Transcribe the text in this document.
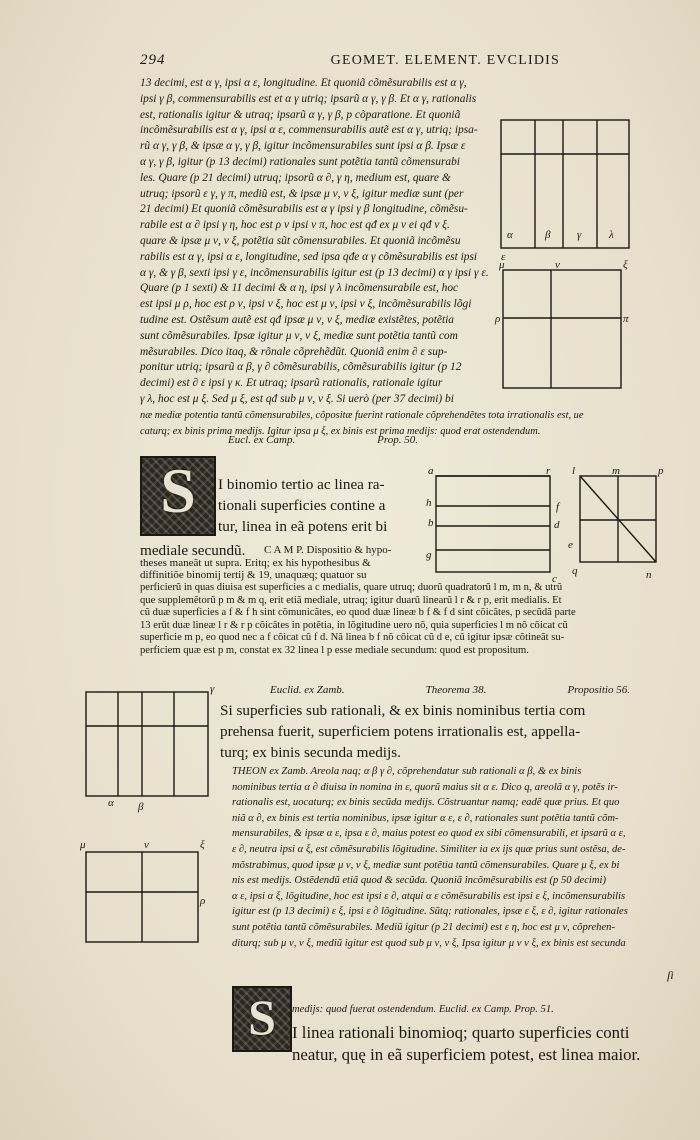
294	GEOMET. ELEMENT. EVCLIDIS

13 decimi, est α γ, ipsi α ε, longitudine. Et quoniã cõmẽsurabilis est α γ,

ipsi γ β, commensurabilis est et α γ utriq; ipsarũ α γ, γ β. Et α γ, rationalis

est, rationalis igitur & utraq; ipsarũ α γ, γ β, p cõparatione. Et quoniã

incõmẽsurabilis est α γ, ipsi α ε, commensurabilis autẽ est α γ, utriq; ipsa-

rũ α γ, γ β, & ipsæ α γ, γ β, igitur incõmensurabiles sunt ipsi α β. Ipsæ ε

α γ, γ β, igitur (p 13 decimi) rationales sunt potẽtia tantũ cõmensurabi

les. Quare (p 21 decimi) utruq; ipsorũ α ∂, γ η, medium est, quare &

utruq; ipsorũ ε γ, γ π, mediũ est, & ipsæ μ ν, ν ξ, igitur mediæ sunt (per

21 decimi) Et quoniã cõmẽsurabilis est α γ ipsi γ β longitudine, cõmẽsu-

rabile est α ∂ ipsi γ η, hoc est ρ ν ipsi ν π, hoc est qđ ex μ ν ei qđ ν ξ.

quare & ipsæ μ ν, ν ξ, potẽtia sũt cõmensurabiles. Et quoniã incõmẽsu

rabilis est α γ, ipsi α ε, longitudine, sed ipsa qđe α γ cõmẽsurabilis est ipsi

α γ, & γ β, sexti ipsi γ ε, incõmensurabilis igitur est (p 13 decimi) α γ ipsi γ ε.

Quare (p 1 sexti) & 11 decimi & α η, ipsi γ λ incõmensurabile est, hoc

est ipsi μ ρ, hoc est ρ ν, ipsi ν ξ, hoc est μ ν, ipsi ν ξ, incõmẽsurabilis lõgi

tudine est. Ostẽsum autẽ est qđ ipsæ μ ν, ν ξ, mediæ existẽtes, potẽtia

sunt cõmẽsurabiles. Ipsæ igitur μ ν, ν ξ, mediæ sunt potẽtia tantũ com

mẽsurabiles. Dico itaq, & rõnale cõprehẽdũt. Quoniã enim ∂ ε sup-

ponitur utriq; ipsarũ α β, γ ∂ cõmẽsurabilis, cõmẽsurabilis igitur (p 12

decimi) est ∂ ε ipsi γ κ. Et utraq; ipsarũ rationalis, rationale igitur

γ λ, hoc est μ ξ. Sed μ ξ, est qđ sub μ ν, ν ξ. Si uerò (per 37 decimi) bi

næ mediæ potentia tantũ cõmensurabiles, cõpositæ fuerint rationale cõprehendẽtes tota irrationalis est, ue

caturq; ex binis prima medijs. Igitur ipsa μ ξ, ex binis est prima medijs: quod erat ostendendum.

α	β γ	λ
ε
μ	ν	ξ
ρ	π
Eucl. ex Camp.	Prop. 50.
S	I binomio tertio ac linea ra-

tionali superficies contine a

tur, linea in eã potens erit bi

mediale secundũ.	C A M P. Dispositio & hypo-

theses maneãt ut supra. Eritq; ex his hypothesibus &

diffinitiõe binomij tertij & 19, unaquæq; quatuor su

perficierũ in quas diuisa est superficies a c medialis, quare utruq; duorũ quadratorũ l m, m n, & utrũ

que supplemẽtorũ p m & m q, erit etiã mediale, utraq; igitur duarũ linearũ l r & r p, erit medialis. Et

cũ duæ superficies a f & f h sint cõmunicãtes, eo quod duæ lineæ b f & f d sint cõicãtes, p secũdã parte

13 erũt duæ lineæ l r & r p cõicãtes in potẽtia, in lõgitudine uero nõ, quia superficies l m nõ cõicat cũ

superficie m p, eo quod nec a f cõicat cũ f d. Nã linea b f nõ cõicat cũ d e, cũ igitur ipsæ cõtineãt su-

perficiem quæ est p m, constat ex 32 linea l p esse mediale secundum: quod est propositum.

a
b
c
d
e
f
g
h
l	m
n
p
q
r
Euclid. ex Zamb.	Theorema 38.	Propositio 56.
α β
γ
μ	ν	ξ
ρ

Si superficies sub rationali, & ex binis nominibus tertia com

prehensa fuerit, superficiem potens irrationalis est, appella-

turq; ex binis secunda medijs.

THEON ex Zamb. Areola naq; α β γ ∂, cõprehendatur sub rationali α β, & ex binis

nominibus tertia α ∂ diuisa in nomina in ε, quorũ maius sit α ε. Dico q, areolã α γ, potẽs ir-

rationalis est, uocaturq; ex binis secũda medijs. Cõstruantur namq; eadẽ quæ prius. Et quo

niã α ∂, ex binis est tertia nominibus, ipsæ igitur α ε, ε ∂, rationales sunt potẽtia tantũ cõm-

mensurabiles, & ipsæ α ε, ipsa ε ∂, maius potest eo quod ex sibi cõmensurabili, et ipsarũ α ε,

ε ∂, neutra ipsi α ξ, est cõmẽsurabilis lõgitudine. Similiter ia ex ijs quæ prius sunt ostẽsa, de-

mõstrabimus, quod ipsæ μ ν, ν ξ, mediæ sunt potẽtia tantũ cõmensurabiles. Quare μ ξ, ex bi

nis est medijs. Ostẽdendũ etiã quod & secũda. Quoniã incõmẽsurabilis est (p 50 decimi)

α ε, ipsi α ξ, lõgitudine, hoc est ipsi ε ∂, atqui α ε cõmẽsurabilis est ipsi ε ξ, incõmensurabilis

igitur est (p 13 decimi) ε ξ, ipsi ε ∂ lõgitudine. Sũtq; rationales, ipsæ ε ξ, ε ∂, igitur rationales

sunt potẽtia tantũ cõmẽsurabiles. Mediũ igitur (p 21 decimi) est ε η, hoc est μ ν, cõprehen-

diturq; sub μ ν, ν ξ, mediũ igitur est quod sub μ ν, ν ξ, Ipsa igitur μ ν ν ξ, ex binis est secunda

medijs: quod fuerat ostendendum. Euclid. ex Camp. Prop. 51.

S I linea rationali binomioq; quarto superficies conti

neatur, quę in eã superficiem potest, est linea maior.

ſi
